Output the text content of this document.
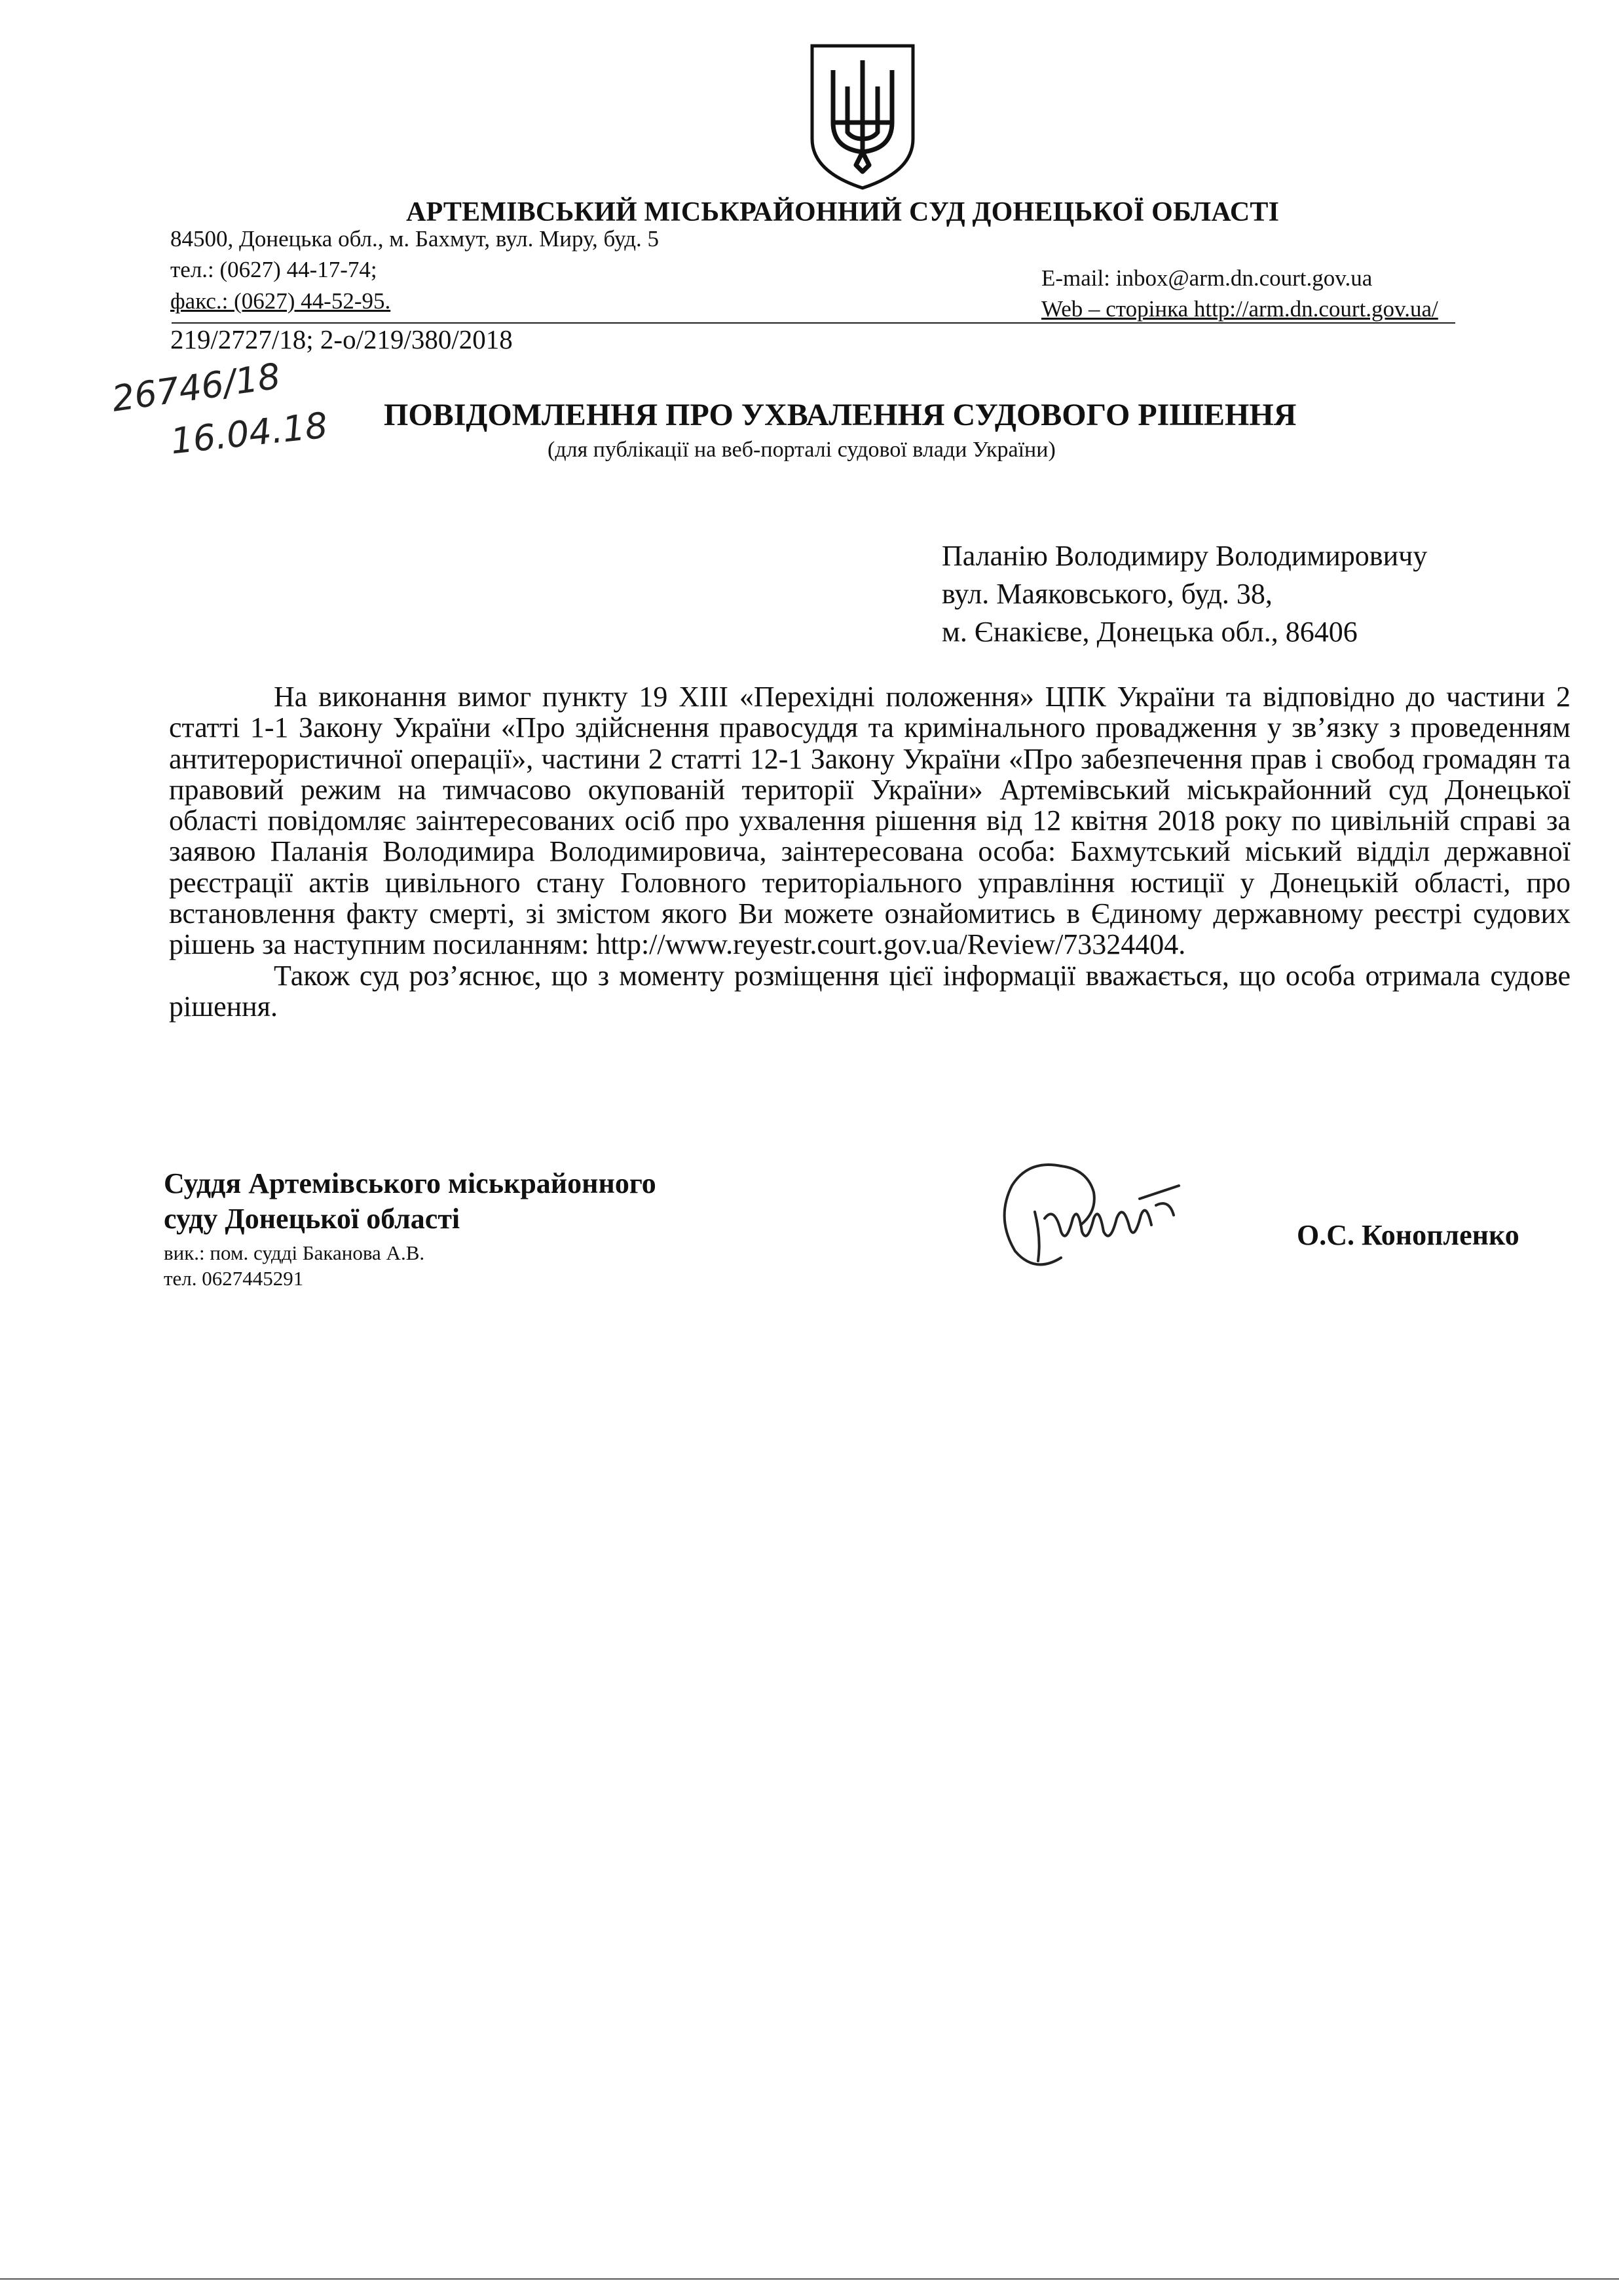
АРТЕМІВСЬКИЙ МІСЬКРАЙОННИЙ СУД ДОНЕЦЬКОЇ ОБЛАСТІ
84500, Донецька обл., м. Бахмут, вул. Миру, буд. 5
тел.: (0627) 44-17-74;
факс.: (0627) 44-52-95.
E-mail: inbox@arm.dn.court.gov.ua
Web – сторінка http://arm.dn.court.gov.ua/
219/2727/18; 2-о/219/380/2018
26746/18
16.04.18 ПОВІДОМЛЕННЯ ПРО УХВАЛЕННЯ СУДОВОГО РІШЕННЯ
(для публікації на веб-порталі судової влади України)
Паланію Володимиру Володимировичу
вул. Маяковського, буд. 38,
м. Єнакієве, Донецька обл., 86406

На виконання вимог пункту 19 XIII «Перехідні положення» ЦПК України та відповідно до частини 2 статті 1-1 Закону України «Про здійснення правосуддя та кримінального провадження у зв’язку з проведенням антитерористичної операції», частини 2 статті 12-1 Закону України «Про забезпечення прав і свобод громадян та правовий режим на тимчасово окупованій території України» Артемівський міськрайонний суд Донецької області повідомляє заінтересованих осіб про ухвалення рішення від 12 квітня 2018 року по цивільній справі за заявою Паланія Володимира Володимировича, заінтересована особа: Бахмутський міський відділ державної реєстрації актів цивільного стану Головного територіального управління юстиції у Донецькій області, про встановлення факту смерті, зі змістом якого Ви можете ознайомитись в Єдиному державному реєстрі судових рішень за наступним посиланням: http://www.reyestr.court.gov.ua/Review/73324404.

Також суд роз’яснює, що з моменту розміщення цієї інформації вважається, що особа отримала судове рішення.

Суддя Артемівського міськрайонного
суду Донецької області
вик.: пом. судді Баканова А.В.
тел. 0627445291
О.С. Конопленко
